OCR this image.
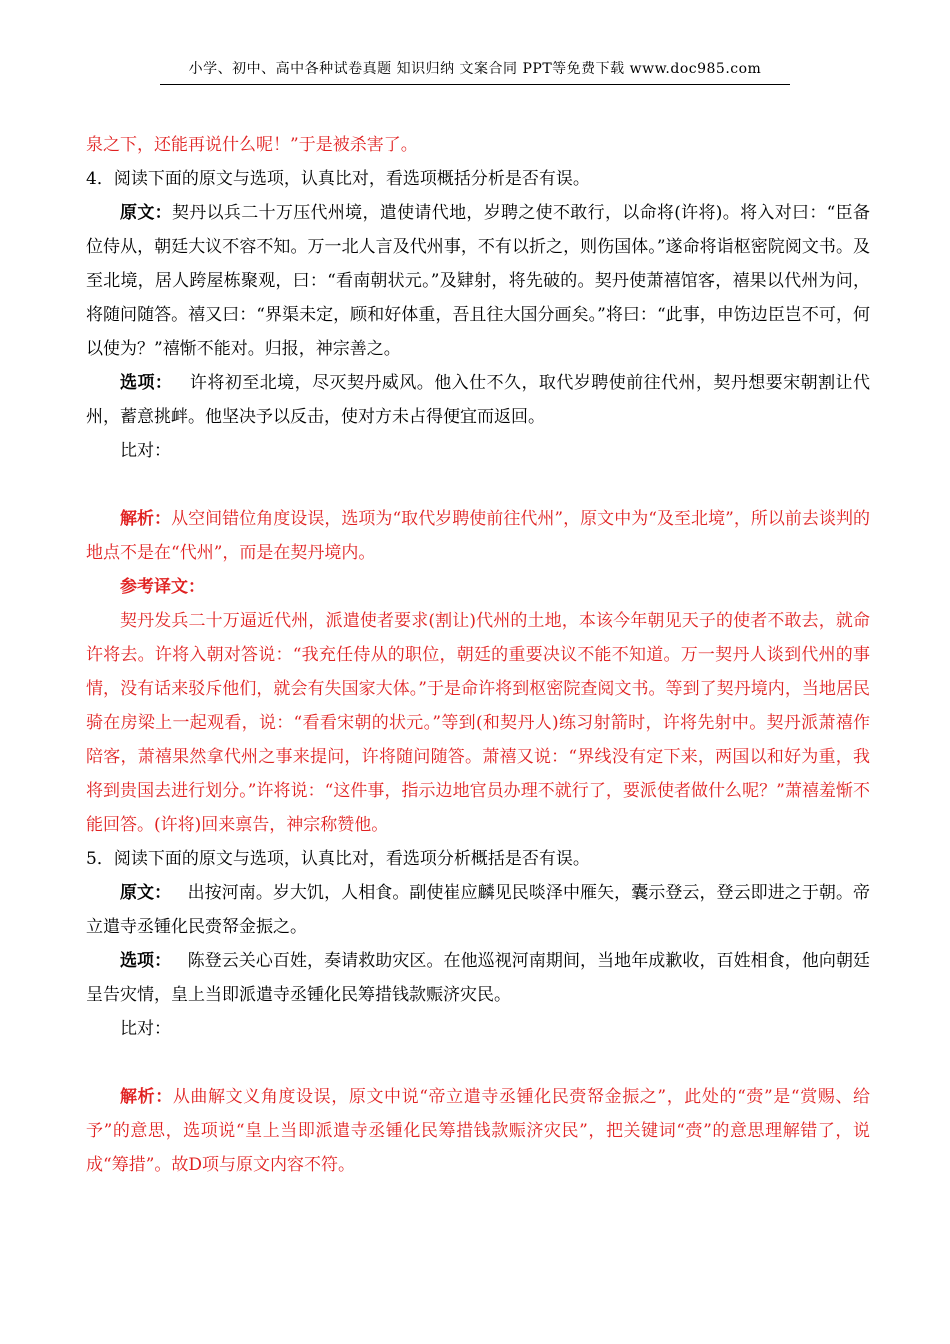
小学、初中、高中各种试卷真题 知识归纳 文案合同 PPT等免费下载 www.doc985.com

泉之下，还能再说什么呢！”于是被杀害了。

4．阅读下面的原文与选项，认真比对，看选项概括分析是否有误。

原文：契丹以兵二十万压代州境，遣使请代地，岁聘之使不敢行，以命将(许将)。将入对曰：“臣备位侍从，朝廷大议不容不知。万一北人言及代州事，不有以折之，则伤国体。”遂命将诣枢密院阅文书。及至北境，居人跨屋栋聚观，曰：“看南朝状元。”及肄射，将先破的。契丹使萧禧馆客，禧果以代州为问，将随问随答。禧又曰：“界渠未定，顾和好体重，吾且往大国分画矣。”将曰：“此事，申饬边臣岂不可，何以使为？”禧惭不能对。归报，神宗善之。

选项： 许将初至北境，尽灭契丹威风。他入仕不久，取代岁聘使前往代州，契丹想要宋朝割让代州，蓄意挑衅。他坚决予以反击，使对方未占得便宜而返回。

比对：

解析：从空间错位角度设误，选项为“取代岁聘使前往代州”，原文中为“及至北境”，所以前去谈判的地点不是在“代州”，而是在契丹境内。

参考译文：

契丹发兵二十万逼近代州，派遣使者要求(割让)代州的土地，本该今年朝见天子的使者不敢去，就命许将去。许将入朝对答说：“我充任侍从的职位，朝廷的重要决议不能不知道。万一契丹人谈到代州的事情，没有话来驳斥他们，就会有失国家大体。”于是命许将到枢密院查阅文书。等到了契丹境内，当地居民骑在房梁上一起观看，说：“看看宋朝的状元。”等到(和契丹人)练习射箭时，许将先射中。契丹派萧禧作陪客，萧禧果然拿代州之事来提问，许将随问随答。萧禧又说：“界线没有定下来，两国以和好为重，我将到贵国去进行划分。”许将说：“这件事，指示边地官员办理不就行了，要派使者做什么呢？”萧禧羞惭不能回答。(许将)回来禀告，神宗称赞他。

5．阅读下面的原文与选项，认真比对，看选项分析概括是否有误。

原文： 出按河南。岁大饥，人相食。副使崔应麟见民啖泽中雁矢，囊示登云，登云即进之于朝。帝立遣寺丞锺化民赍帑金振之。

选项： 陈登云关心百姓，奏请救助灾区。在他巡视河南期间，当地年成歉收，百姓相食，他向朝廷呈告灾情，皇上当即派遣寺丞锺化民筹措钱款赈济灾民。

比对：

解析：从曲解文义角度设误，原文中说“帝立遣寺丞锺化民赍帑金振之”，此处的“赍”是“赏赐、给予”的意思，选项说“皇上当即派遣寺丞锺化民筹措钱款赈济灾民”，把关键词“赍”的意思理解错了，说成“筹措”。故D项与原文内容不符。
